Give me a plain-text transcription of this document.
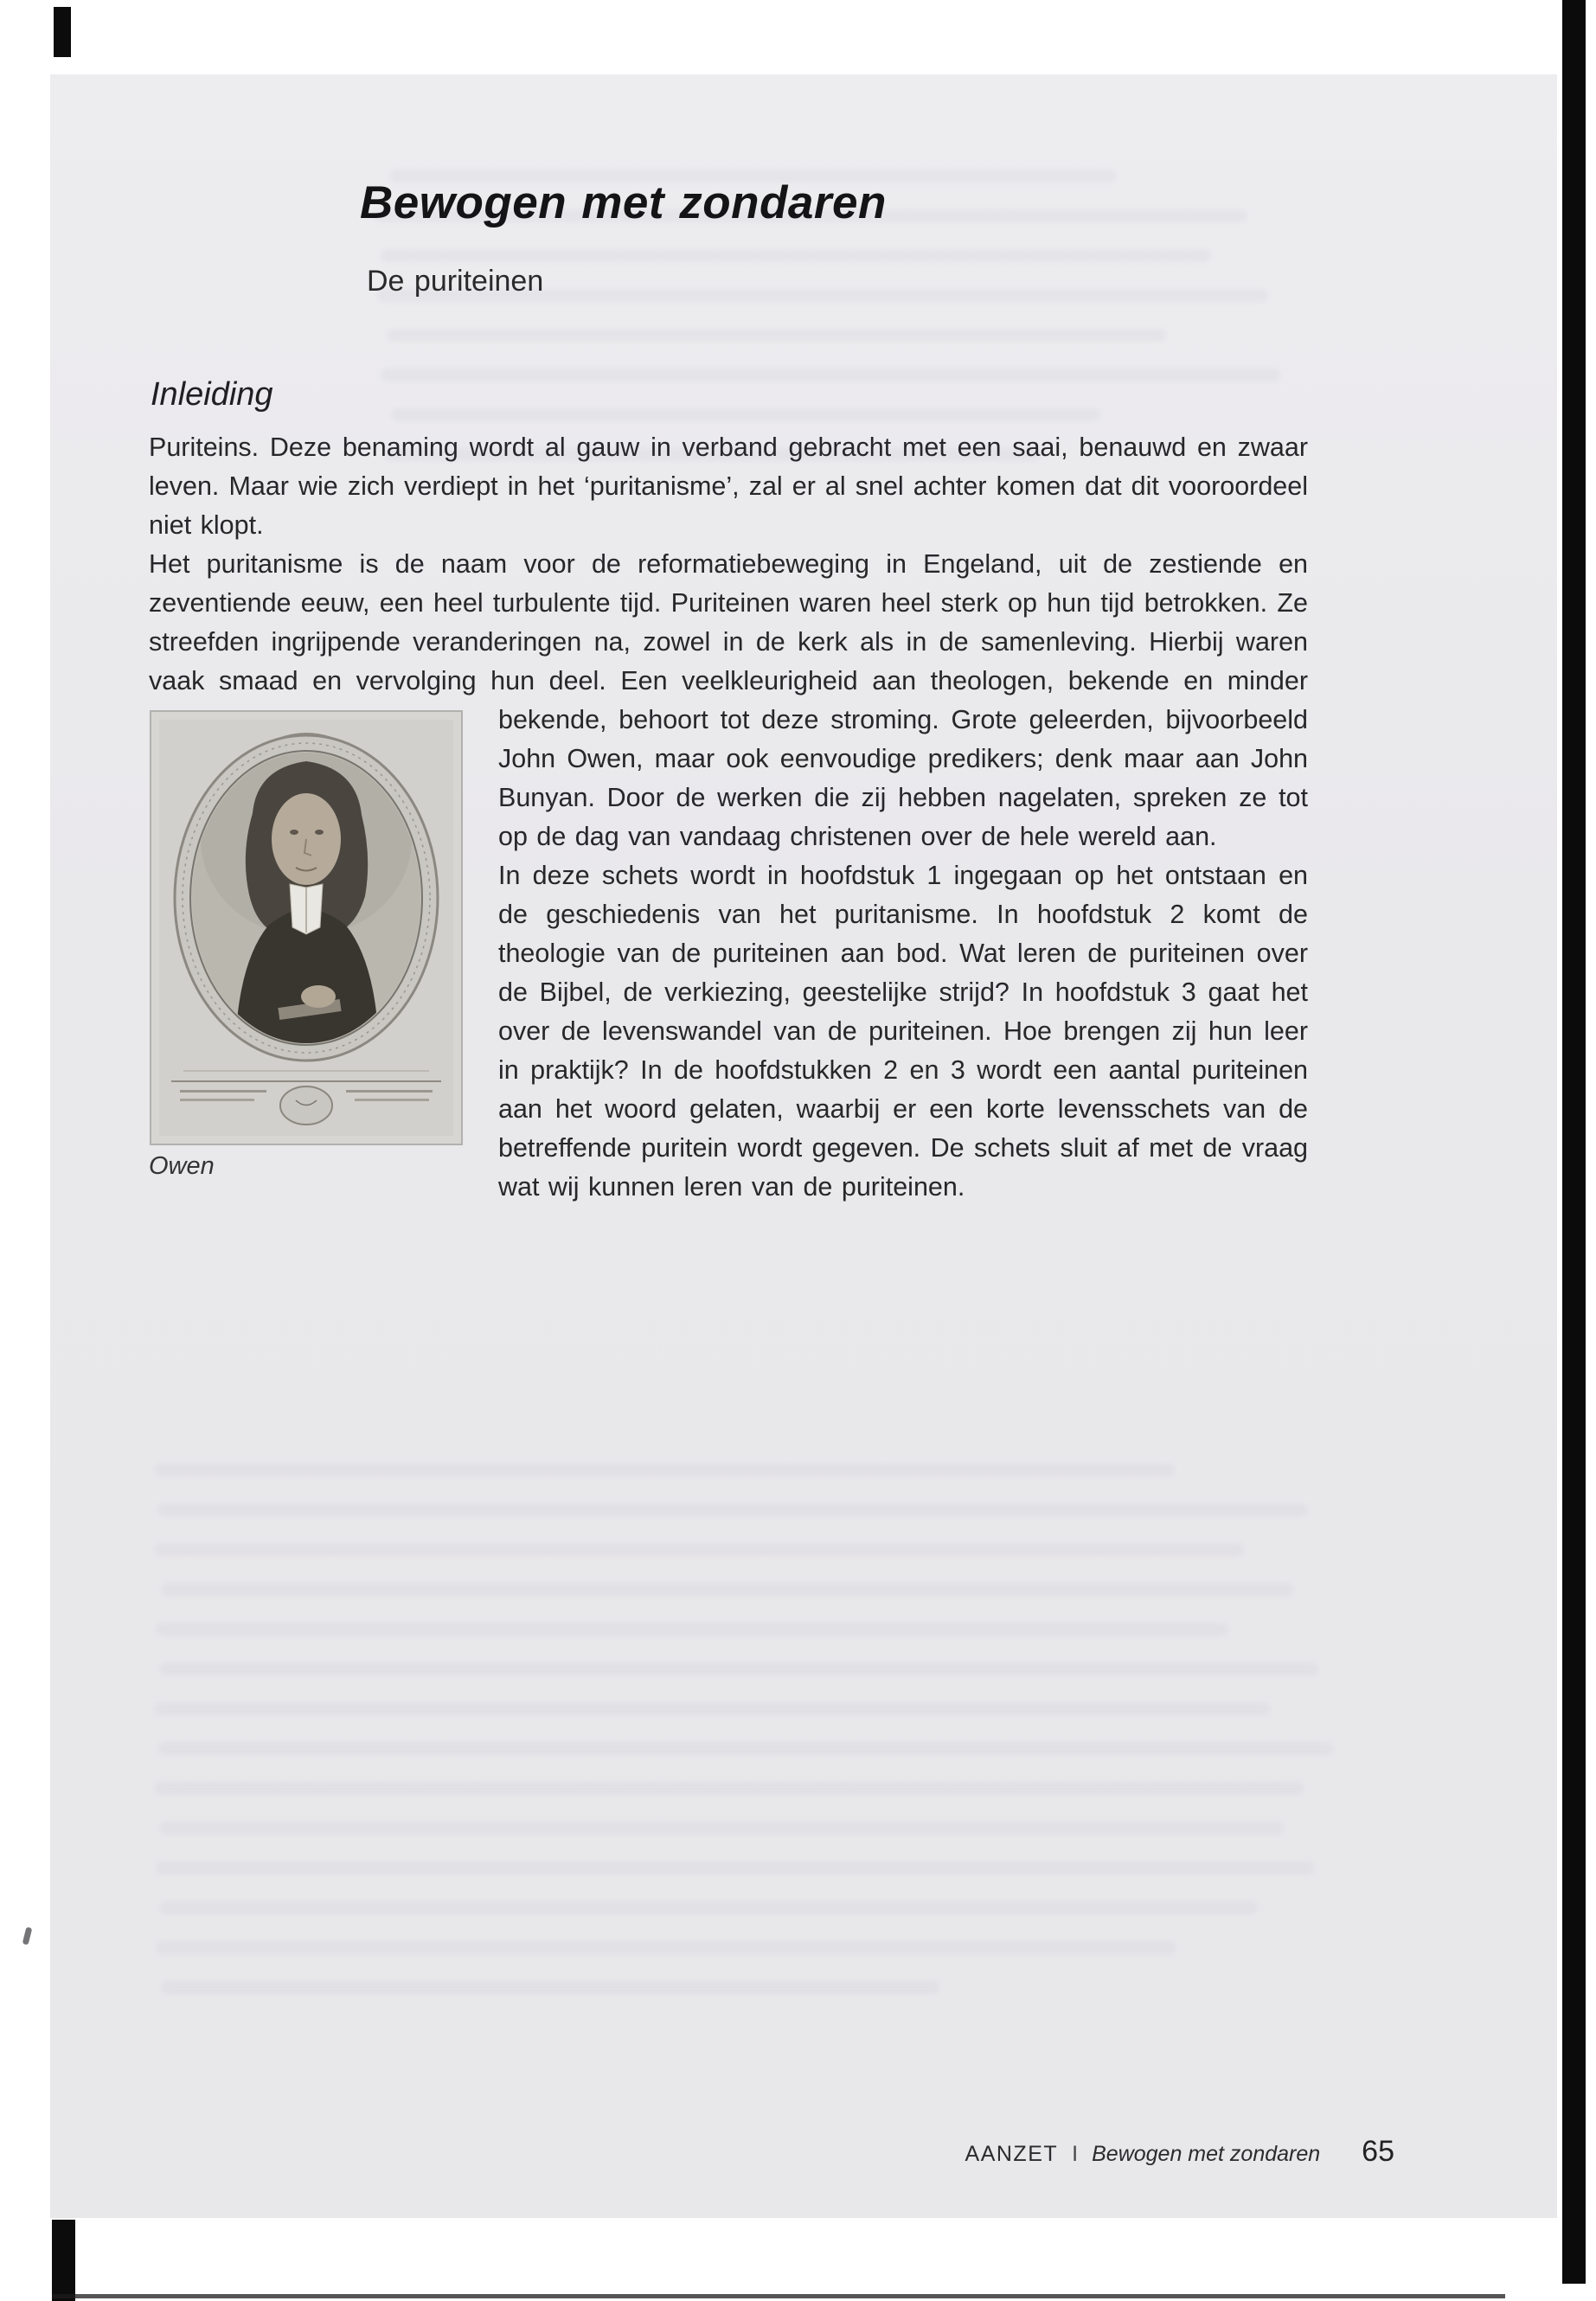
Bewogen met zondaren
De puriteinen
Inleiding

Puriteins. Deze benaming wordt al gauw in verband gebracht met een saai, benauwd en zwaar leven. Maar wie zich verdiept in het ‘puritanisme’, zal er al snel achter komen dat dit vooroordeel niet klopt.

Het puritanisme is de naam voor de reformatiebeweging in Engeland, uit de zestiende en zeventiende eeuw, een heel turbulente tijd. Puriteinen waren heel sterk op hun tijd betrokken. Ze streefden ingrijpende veranderingen na, zowel in de kerk als in de samenleving. Hierbij waren vaak smaad en vervolging hun deel. Een veelkleurigheid aan theologen, bekende en minder bekende, behoort
Owen
tot deze stroming. Grote geleerden, bijvoorbeeld John Owen, maar ook eenvoudige predikers; denk maar aan John Bunyan. Door de werken die zij hebben nagelaten, spreken ze tot op de dag van vandaag christenen over de hele wereld aan.

In deze schets wordt in hoofdstuk 1 ingegaan op het ontstaan en de geschiedenis van het puritanisme. In hoofdstuk 2 komt de theologie van de puriteinen aan bod. Wat leren de puriteinen over de Bijbel, de verkiezing, geestelijke strijd? In hoofdstuk 3 gaat het over de levenswandel van de puriteinen. Hoe brengen zij hun leer in praktijk? In de hoofdstukken 2 en 3 wordt een aantal puriteinen aan het woord gelaten, waarbij er een korte levensschets van de betreffende puritein wordt gegeven. De schets sluit af met de vraag wat wij kunnen leren van de puriteinen.

AANZET I Bewogen met zondaren 65
